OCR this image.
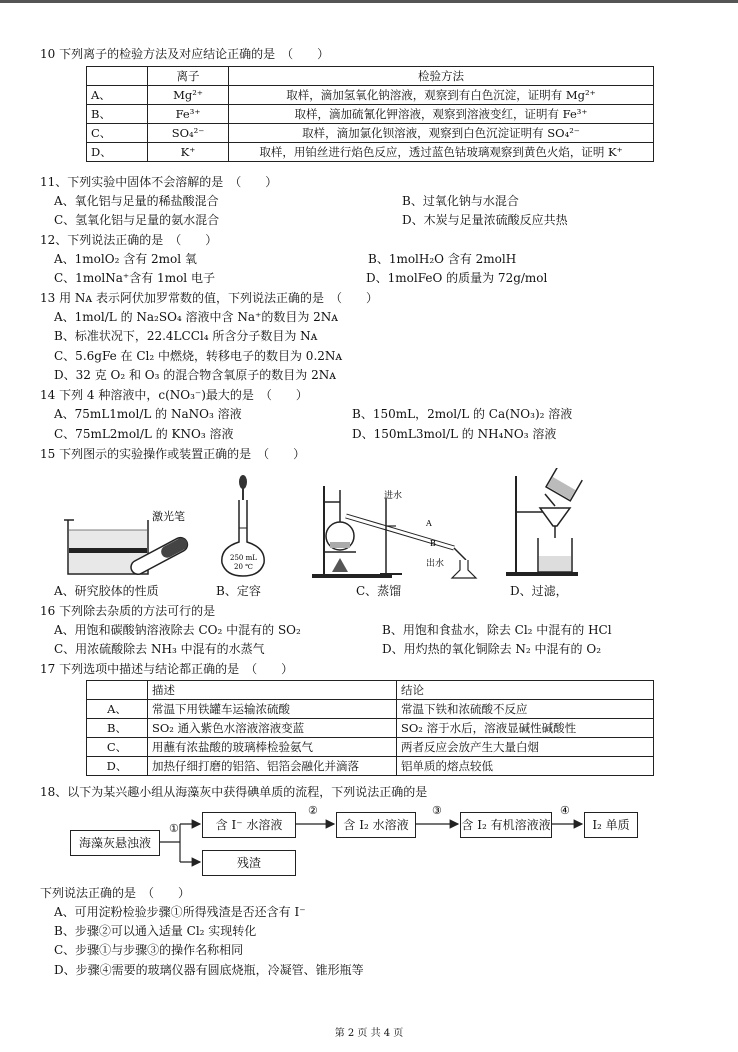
10 下列离子的检验方法及对应结论正确的是　（　　）
	离子	检验方法
A、	Mg²⁺	取样，滴加氢氧化钠溶液，观察到有白色沉淀，证明有 Mg²⁺
B、	Fe³⁺	取样，滴加硫氰化钾溶液，观察到溶液变红，证明有 Fe³⁺
C、	SO₄²⁻	取样，滴加氯化钡溶液，观察到白色沉淀证明有 SO₄²⁻
D、	K⁺	取样，用铂丝进行焰色反应，透过蓝色钴玻璃观察到黄色火焰，证明 K⁺
11、下列实验中固体不会溶解的是　（　　）
A、氧化铝与足量的稀盐酸混合	B、过氧化钠与水混合
C、氢氧化铝与足量的氨水混合	D、木炭与足量浓硫酸反应共热
12、下列说法正确的是　（　　）
A、1molO₂ 含有 2mol 氧	B、1molH₂O 含有 2molH
C、1molNa⁺含有 1mol 电子	D、1molFeO 的质量为 72g/mol
13 用 Nᴀ 表示阿伏加罗常数的值，下列说法正确的是　（　　）
A、1mol/L 的 Na₂SO₄ 溶液中含 Na⁺的数目为 2Nᴀ
B、标准状况下，22.4LCCl₄ 所含分子数目为 Nᴀ
C、5.6gFe 在 Cl₂ 中燃烧，转移电子的数目为 0.2Nᴀ
D、32 克 O₂ 和 O₃ 的混合物含氧原子的数目为 2Nᴀ
14 下列 4 种溶液中，c(NO₃⁻)最大的是　（　　）
A、75mL1mol/L 的 NaNO₃ 溶液	B、150mL，2mol/L 的 Ca(NO₃)₂ 溶液
C、75mL2mol/L 的 KNO₃ 溶液	D、150mL3mol/L 的 NH₄NO₃ 溶液
15 下列图示的实验操作或装置正确的是　（　　）
激光笔
250 mL
20 ℃
进水
出水
A
B
A、研究胶体的性质	B、定容	C、蒸馏	D、过滤，
16 下列除去杂质的方法可行的是
A、用饱和碳酸钠溶液除去 CO₂ 中混有的 SO₂	B、用饱和食盐水，除去 Cl₂ 中混有的 HCl
C、用浓硫酸除去 NH₃ 中混有的水蒸气	D、用灼热的氧化铜除去 N₂ 中混有的 O₂
17 下列选项中描述与结论都正确的是　（　　）
	描述	结论
A、	常温下用铁罐车运输浓硫酸	常温下铁和浓硫酸不反应
B、	SO₂ 通入紫色水溶液溶液变蓝	SO₂ 溶于水后，溶液显碱性碱酸性
C、	用蘸有浓盐酸的玻璃棒检验氨气	两者反应会放产生大量白烟
D、	加热仔细打磨的铝箔、铝箔会融化并滴落	铝单质的熔点较低
18、以下为某兴趣小组从海藻灰中获得碘单质的流程，下列说法正确的是
①
②	③	④
海藻灰悬浊液
含 I⁻ 水溶液	含 I₂ 水溶液	含 I₂ 有机溶液液	I₂ 单质
残渣
下列说法正确的是　（　　）
A、可用淀粉检验步骤①所得残渣是否还含有 I⁻
B、步骤②可以通入适量 Cl₂ 实现转化
C、步骤①与步骤③的操作名称相同
D、步骤④需要的玻璃仪器有圆底烧瓶，冷凝管、锥形瓶等
第 2 页 共 4 页
